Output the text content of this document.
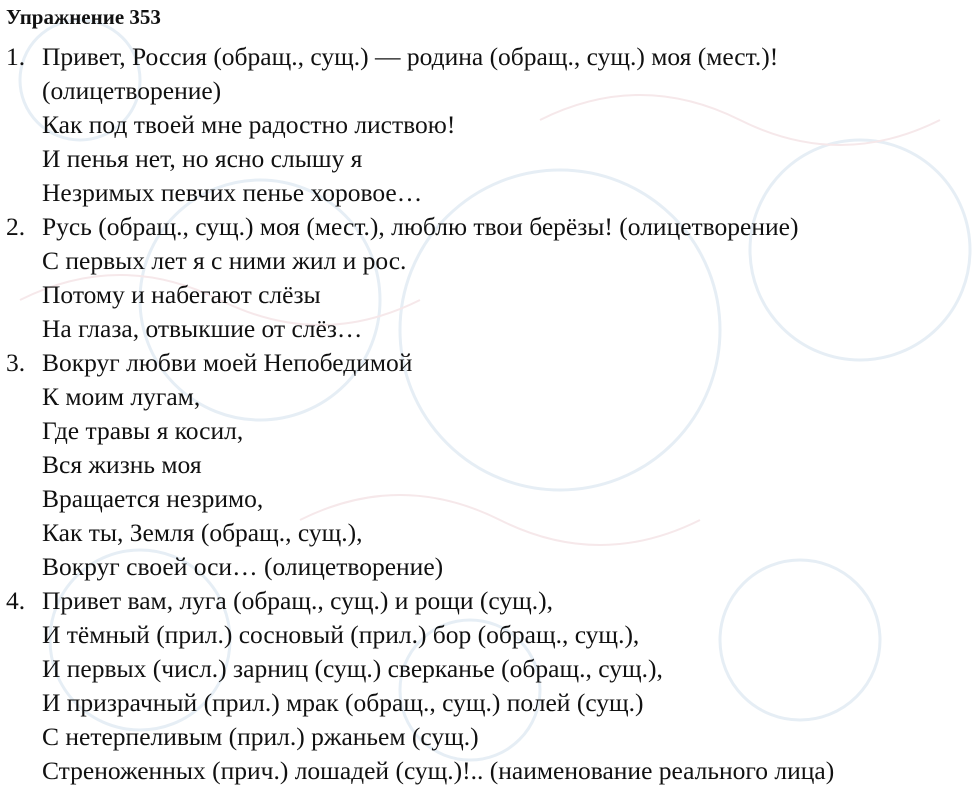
Упражнение 353
1. Привет, Россия (обращ., сущ.) — родина (обращ., сущ.) моя (мест.)!
(олицетворение)
Как под твоей мне радостно листвою!
И пенья нет, но ясно слышу я
Незримых певчих пенье хоровое…
2. Русь (обращ., сущ.) моя (мест.), люблю твои берёзы! (олицетворение)
С первых лет я с ними жил и рос.
Потому и набегают слёзы
На глаза, отвыкшие от слёз…
3. Вокруг любви моей Непобедимой
К моим лугам,
Где травы я косил,
Вся жизнь моя
Вращается незримо,
Как ты, Земля (обращ., сущ.),
Вокруг своей оси… (олицетворение)
4. Привет вам, луга (обращ., сущ.) и рощи (сущ.),
И тёмный (прил.) сосновый (прил.) бор (обращ., сущ.),
И первых (числ.) зарниц (сущ.) сверканье (обращ., сущ.),
И призрачный (прил.) мрак (обращ., сущ.) полей (сущ.)
С нетерпеливым (прил.) ржаньем (сущ.)
Стреноженных (прич.) лошадей (сущ.)!.. (наименование реального лица)
